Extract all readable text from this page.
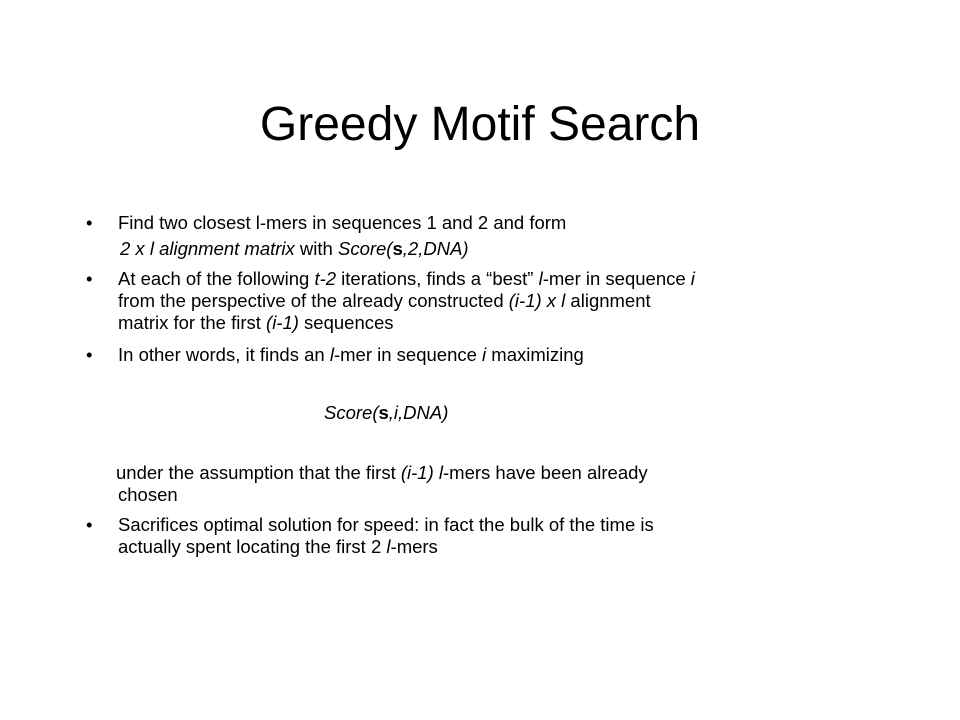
Greedy Motif Search
•	Find two closest l-mers in sequences 1 and 2 and form
2 x l alignment matrix with Score(s,2,DNA)
•	At each of the following t-2 iterations, finds a “best” l-mer in sequence i
from the perspective of the already constructed (i-1) x l alignment
matrix for the first (i-1) sequences
•	In other words, it finds an l-mer in sequence i maximizing
Score(s,i,DNA)
under the assumption that the first (i-1) l-mers have been already
chosen
•	Sacrifices optimal solution for speed: in fact the bulk of the time is
actually spent locating the first 2 l-mers
